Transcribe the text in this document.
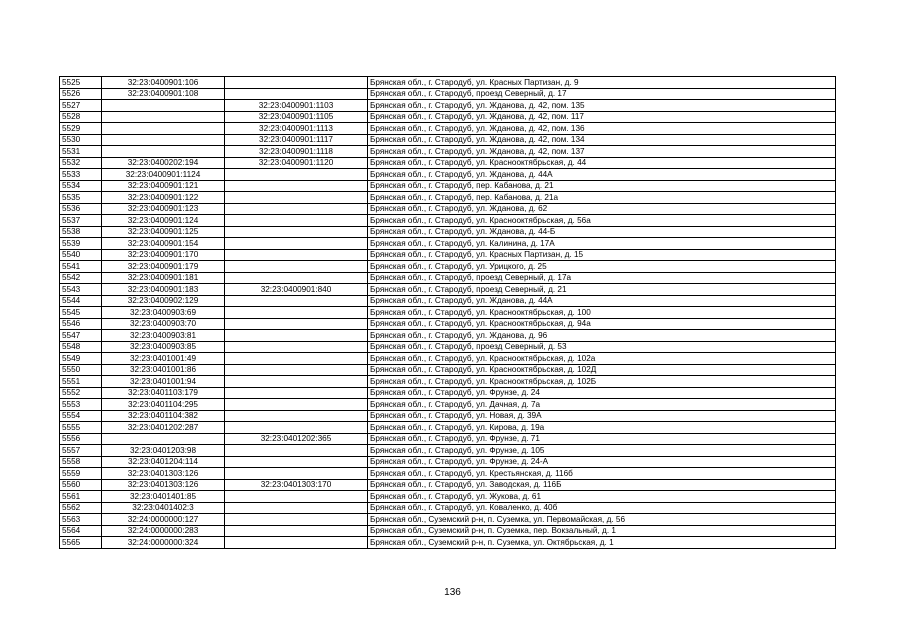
5525	32:23:0400901:106		Брянская обл., г. Стародуб, ул. Красных Партизан, д. 9
5526	32:23:0400901:108		Брянская обл., г. Стародуб, проезд Северный, д. 17
5527		32:23:0400901:1103	Брянская обл., г. Стародуб, ул. Жданова, д. 42, пом. 135
5528		32:23:0400901:1105	Брянская обл., г. Стародуб, ул. Жданова, д. 42, пом. 117
5529		32:23:0400901:1113	Брянская обл., г. Стародуб, ул. Жданова, д. 42, пом. 136
5530		32:23:0400901:1117	Брянская обл., г. Стародуб, ул. Жданова, д. 42, пом. 134
5531		32:23:0400901:1118	Брянская обл., г. Стародуб, ул. Жданова, д. 42, пом. 137
5532	32:23:0400202:194	32:23:0400901:1120	Брянская обл., г. Стародуб, ул. Краснооктябрьская, д. 44
5533	32:23:0400901:1124		Брянская обл., г. Стародуб, ул. Жданова, д. 44А
5534	32:23:0400901:121		Брянская обл., г. Стародуб, пер. Кабанова, д. 21
5535	32:23:0400901:122		Брянская обл., г. Стародуб, пер. Кабанова, д. 21а
5536	32:23:0400901:123		Брянская обл., г. Стародуб, ул. Жданова, д. 62
5537	32:23:0400901:124		Брянская обл., г. Стародуб, ул. Краснооктябрьская, д. 56а
5538	32:23:0400901:125		Брянская обл., г. Стародуб, ул. Жданова, д. 44-Б
5539	32:23:0400901:154		Брянская обл., г. Стародуб, ул. Калинина, д. 17А
5540	32:23:0400901:170		Брянская обл., г. Стародуб, ул. Красных Партизан, д. 15
5541	32:23:0400901:179		Брянская обл., г. Стародуб, ул. Урицкого, д. 25
5542	32:23:0400901:181		Брянская обл., г. Стародуб, проезд Северный, д. 17а
5543	32:23:0400901:183	32:23:0400901:840	Брянская обл., г. Стародуб, проезд Северный, д. 21
5544	32:23:0400902:129		Брянская обл., г. Стародуб, ул. Жданова, д. 44А
5545	32:23:0400903:69		Брянская обл., г. Стародуб, ул. Краснооктябрьская, д. 100
5546	32:23:0400903:70		Брянская обл., г. Стародуб, ул. Краснооктябрьская, д. 94а
5547	32:23:0400903:81		Брянская обл., г. Стародуб, ул. Жданова, д. 96
5548	32:23:0400903:85		Брянская обл., г. Стародуб, проезд Северный, д. 53
5549	32:23:0401001:49		Брянская обл., г. Стародуб, ул. Краснооктябрьская, д. 102а
5550	32:23:0401001:86		Брянская обл., г. Стародуб, ул. Краснооктябрьская, д. 102Д
5551	32:23:0401001:94		Брянская обл., г. Стародуб, ул. Краснооктябрьская, д. 102Б
5552	32:23:0401103:179		Брянская обл., г. Стародуб, ул. Фрунзе, д. 24
5553	32:23:0401104:295		Брянская обл., г. Стародуб, ул. Дачная, д. 7а
5554	32:23:0401104:382		Брянская обл., г. Стародуб, ул. Новая, д. 39А
5555	32:23:0401202:287		Брянская обл., г. Стародуб, ул. Кирова, д. 19а
5556		32:23:0401202:365	Брянская обл., г. Стародуб, ул. Фрунзе, д. 71
5557	32:23:0401203:98		Брянская обл., г. Стародуб, ул. Фрунзе, д. 105
5558	32:23:0401204:114		Брянская обл., г. Стародуб, ул. Фрунзе, д. 24-А
5559	32:23:0401303:126		Брянская обл., г. Стародуб, ул. Крестьянская, д. 116б
5560	32:23:0401303:126	32:23:0401303:170	Брянская обл., г. Стародуб, ул. Заводская, д. 116Б
5561	32:23:0401401:85		Брянская обл., г. Стародуб, ул. Жукова, д. 61
5562	32:23:0401402:3		Брянская обл., г. Стародуб, ул. Коваленко, д. 40б
5563	32:24:0000000:127		Брянская обл., Суземский р-н, п. Суземка, ул. Первомайская, д. 56
5564	32:24:0000000:283		Брянская обл., Суземский р-н, п. Суземка, пер. Вокзальный, д. 1
5565	32:24:0000000:324		Брянская обл., Суземский р-н, п. Суземка, ул. Октябрьская, д. 1
136
